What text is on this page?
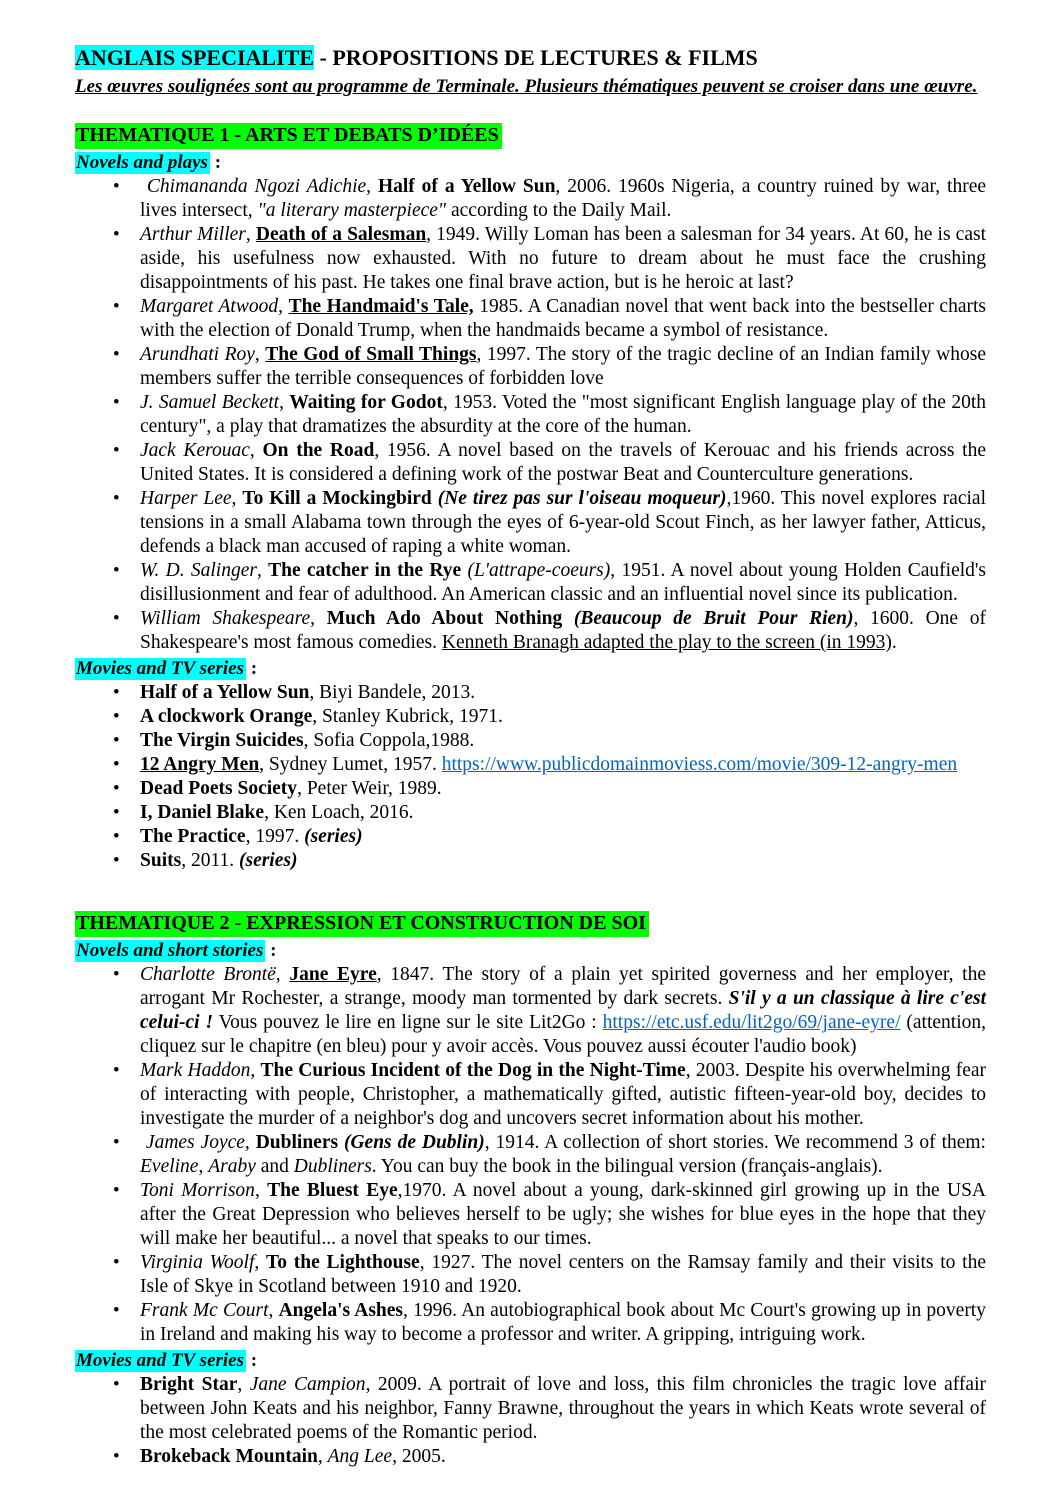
ANGLAIS SPECIALITE - PROPOSITIONS DE LECTURES & FILMS
Les œuvres soulignées sont au programme de Terminale. Plusieurs thématiques peuvent se croiser dans une œuvre.
THEMATIQUE 1 - ARTS ET DEBATS D’IDÉES
Novels and plays :
•  Chimananda Ngozi Adichie, Half of a Yellow Sun, 2006. 1960s Nigeria, a country ruined by war, three lives intersect, "a literary masterpiece" according to the Daily Mail.
• Arthur Miller, Death of a Salesman, 1949. Willy Loman has been a salesman for 34 years. At 60, he is cast aside, his usefulness now exhausted. With no future to dream about he must face the crushing disappointments of his past. He takes one final brave action, but is he heroic at last?
• Margaret Atwood, The Handmaid's Tale, 1985. A Canadian novel that went back into the bestseller charts with the election of Donald Trump, when the handmaids became a symbol of resistance.
• Arundhati Roy, The God of Small Things, 1997. The story of the tragic decline of an Indian family whose members suffer the terrible consequences of forbidden love
• J. Samuel Beckett, Waiting for Godot, 1953. Voted the "most significant English language play of the 20th century", a play that dramatizes the absurdity at the core of the human.
• Jack Kerouac, On the Road, 1956. A novel based on the travels of Kerouac and his friends across the United States. It is considered a defining work of the postwar Beat and Counterculture generations.
• Harper Lee, To Kill a Mockingbird (Ne tirez pas sur l'oiseau moqueur),1960. This novel explores racial tensions in a small Alabama town through the eyes of 6-year-old Scout Finch, as her lawyer father, Atticus, defends a black man accused of raping a white woman.
• W. D. Salinger, The catcher in the Rye (L'attrape-coeurs), 1951. A novel about young Holden Caufield's disillusionment and fear of adulthood. An American classic and an influential novel since its publication.
• William Shakespeare, Much Ado About Nothing (Beaucoup de Bruit Pour Rien), 1600. One of Shakespeare's most famous comedies. Kenneth Branagh adapted the play to the screen (in 1993).
Movies and TV series :
• Half of a Yellow Sun, Biyi Bandele, 2013.
• A clockwork Orange, Stanley Kubrick, 1971.
• The Virgin Suicides, Sofia Coppola,1988.
• 12 Angry Men, Sydney Lumet, 1957. https://www.publicdomainmoviess.com/movie/309-12-angry-men
• Dead Poets Society, Peter Weir, 1989.
• I, Daniel Blake, Ken Loach, 2016.
• The Practice, 1997. (series)
• Suits, 2011. (series)
THEMATIQUE 2 - EXPRESSION ET CONSTRUCTION DE SOI
Novels and short stories :
• Charlotte Brontë, Jane Eyre, 1847. The story of a plain yet spirited governess and her employer, the arrogant Mr Rochester, a strange, moody man tormented by dark secrets. S'il y a un classique à lire c'est celui-ci ! Vous pouvez le lire en ligne sur le site Lit2Go : https://etc.usf.edu/lit2go/69/jane-eyre/ (attention, cliquez sur le chapitre (en bleu) pour y avoir accès. Vous pouvez aussi écouter l'audio book)
• Mark Haddon, The Curious Incident of the Dog in the Night-Time, 2003. Despite his overwhelming fear of interacting with people, Christopher, a mathematically gifted, autistic fifteen-year-old boy, decides to investigate the murder of a neighbor's dog and uncovers secret information about his mother.
•  James Joyce, Dubliners (Gens de Dublin), 1914. A collection of short stories. We recommend 3 of them: Eveline, Araby and Dubliners. You can buy the book in the bilingual version (français-anglais).
• Toni Morrison, The Bluest Eye,1970. A novel about a young, dark-skinned girl growing up in the USA after the Great Depression who believes herself to be ugly; she wishes for blue eyes in the hope that they will make her beautiful... a novel that speaks to our times.
• Virginia Woolf, To the Lighthouse, 1927. The novel centers on the Ramsay family and their visits to the Isle of Skye in Scotland between 1910 and 1920.
• Frank Mc Court, Angela's Ashes, 1996. An autobiographical book about Mc Court's growing up in poverty in Ireland and making his way to become a professor and writer. A gripping, intriguing work.
Movies and TV series :
• Bright Star, Jane Campion, 2009. A portrait of love and loss, this film chronicles the tragic love affair between John Keats and his neighbor, Fanny Brawne, throughout the years in which Keats wrote several of the most celebrated poems of the Romantic period.
• Brokeback Mountain, Ang Lee, 2005.
